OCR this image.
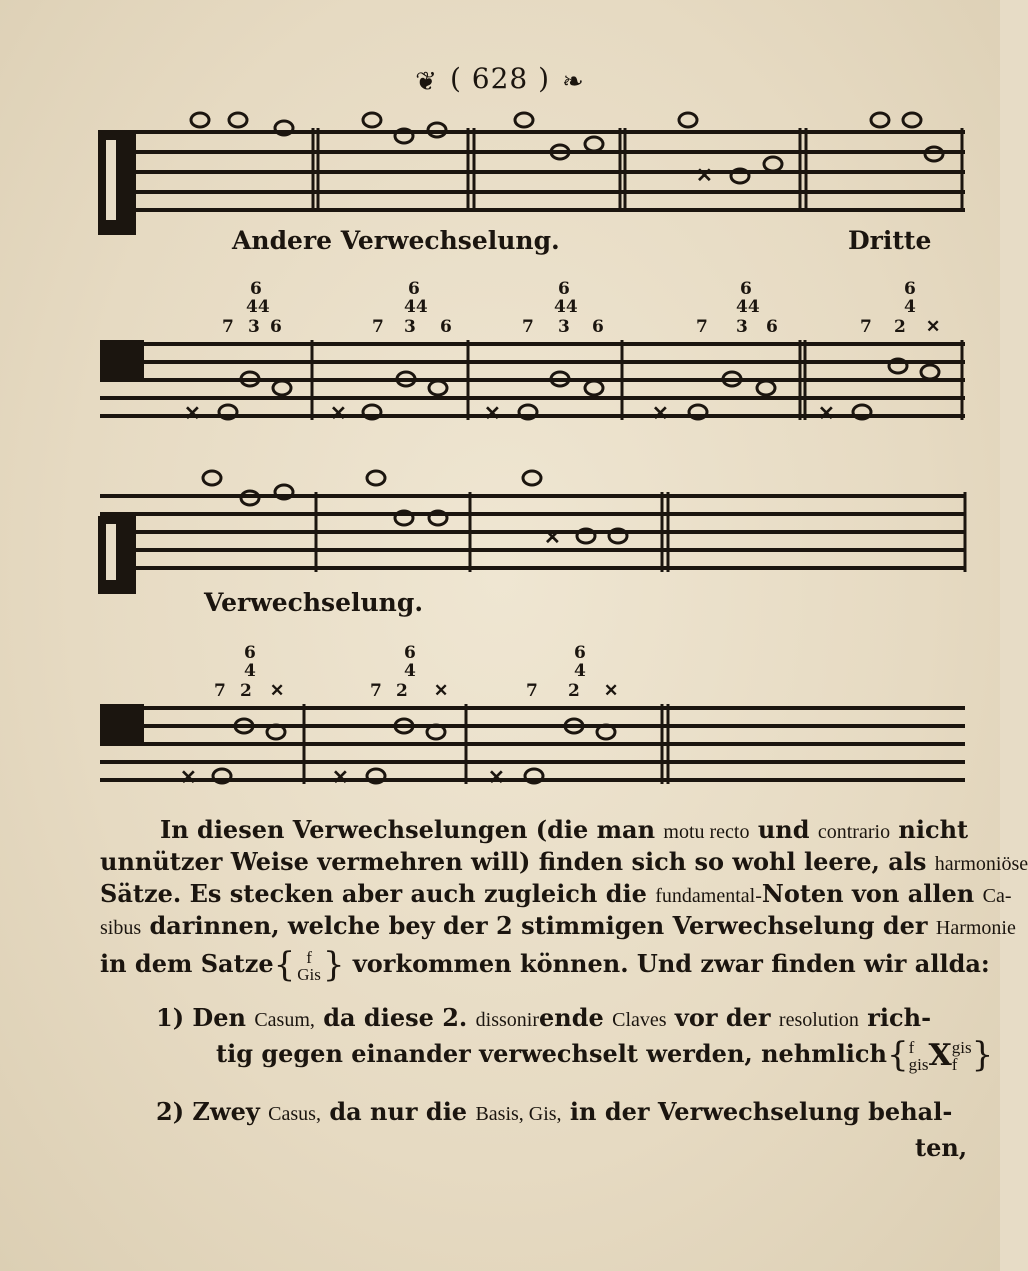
❦ ( 628 ) ❧
✕
Andere Verwechselung.	Dritte
6
44
7 3 6
6
44
7 3 6
6
44
7 3 6
6
44
7 3 6
6
4
7 2 ✕
✕	✕	✕	✕	✕
✕
Verwechselung.
6
4
7 2 ✕
6
4
7 2 ✕
6
4
7 2 ✕
✕	✕	✕
In diesen Verwechselungen (die man motu recto und contrario nicht
unnützer Weise vermehren will) finden sich so wohl leere, als harmoniöse
Sätze. Es stecken aber auch zugleich die fundamental-Noten von allen Ca-
sibus darinnen, welche bey der 2 stimmigen Verwechselung der Harmonie
in dem Satze{ f
Gis } vorkommen können. Und zwar finden wir allda:
1) Den Casum, da diese 2. dissonirende Claves vor der resolution rich-
tig gegen einander verwechselt werden, nehmlich{ f
gis X gis
f }
2) Zwey Casus, da nur die Basis, Gis, in der Verwechselung behal-
ten,
